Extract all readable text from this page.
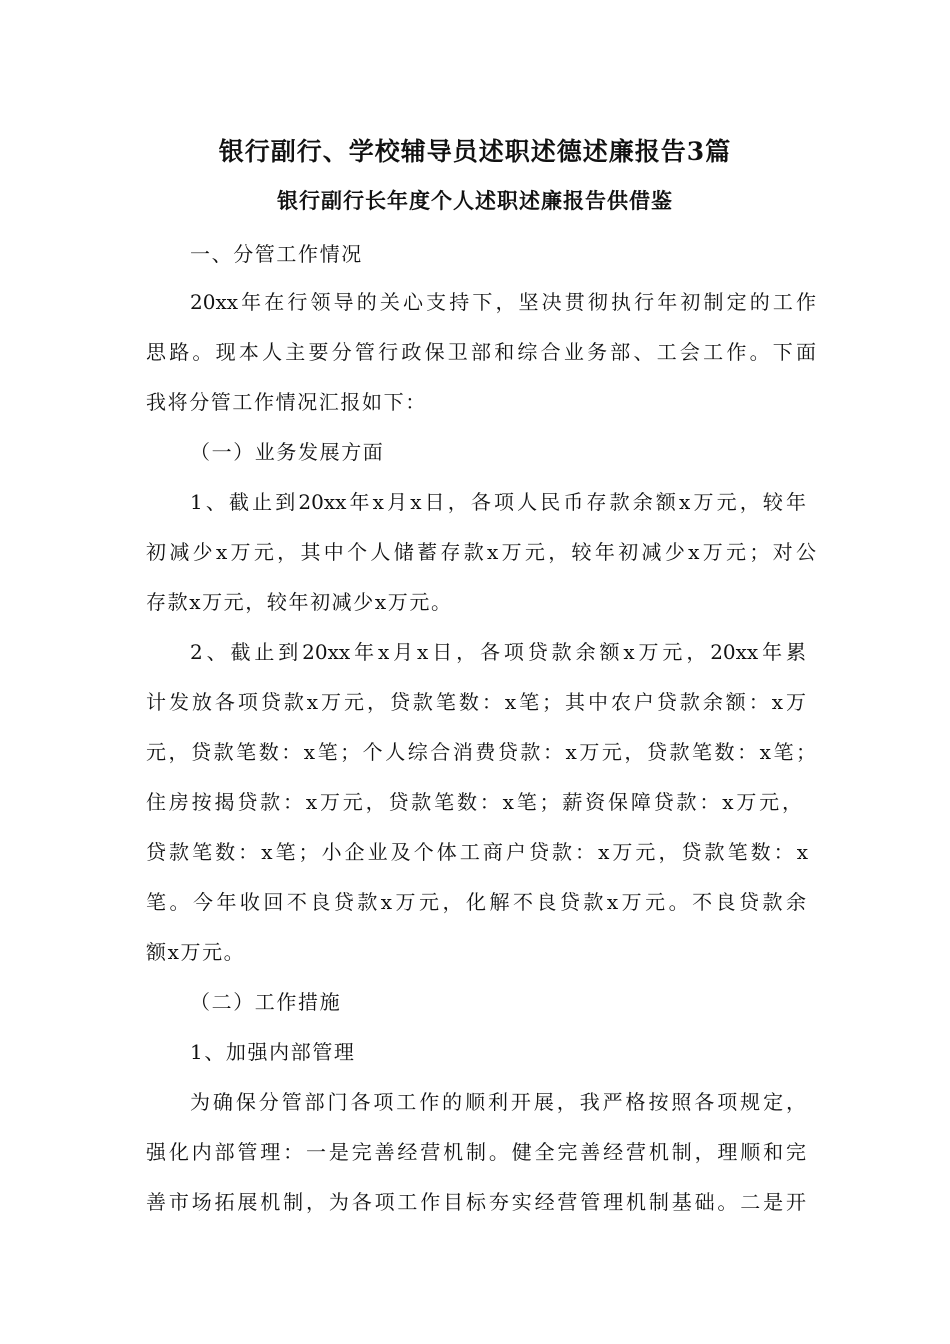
银行副行、学校辅导员述职述德述廉报告3篇
银行副行长年度个人述职述廉报告供借鉴
一、分管工作情况
20xx年在行领导的关心支持下，坚决贯彻执行年初制定的工作
思路。现本人主要分管行政保卫部和综合业务部、工会工作。下面
我将分管工作情况汇报如下：
（一）业务发展方面
1、截止到20xx年x月x日，各项人民币存款余额x万元，较年
初减少x万元，其中个人储蓄存款x万元，较年初减少x万元；对公
存款x万元，较年初减少x万元。
2、截止到20xx年x月x日，各项贷款余额x万元，20xx年累
计发放各项贷款x万元，贷款笔数：x笔；其中农户贷款余额：x万
元，贷款笔数：x笔；个人综合消费贷款：x万元，贷款笔数：x笔；
住房按揭贷款：x万元，贷款笔数：x笔；薪资保障贷款：x万元，
贷款笔数：x笔；小企业及个体工商户贷款：x万元，贷款笔数：x
笔。今年收回不良贷款x万元，化解不良贷款x万元。不良贷款余
额x万元。
（二）工作措施
1、加强内部管理
为确保分管部门各项工作的顺利开展，我严格按照各项规定，
强化内部管理：一是完善经营机制。健全完善经营机制，理顺和完
善市场拓展机制，为各项工作目标夯实经营管理机制基础。二是开
